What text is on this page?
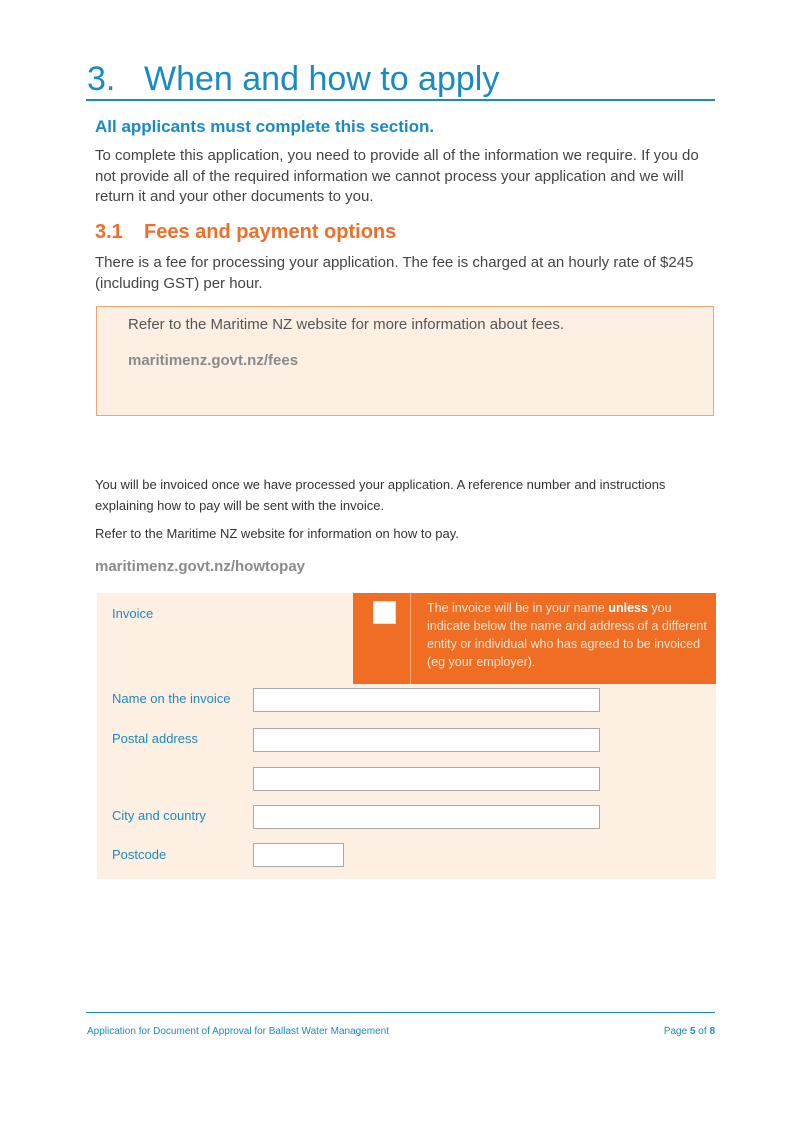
3. When and how to apply
All applicants must complete this section.

To complete this application, you need to provide all of the information we require. If you do not provide all of the required information we cannot process your application and we will return it and your other documents to you.

3.1 Fees and payment options

There is a fee for processing your application. The fee is charged at an hourly rate of $245 (including GST) per hour.

Refer to the Maritime NZ website for more information about fees.

maritimenz.govt.nz/fees

You will be invoiced once we have processed your application. A reference number and instructions explaining how to pay will be sent with the invoice.

Refer to the Maritime NZ website for information on how to pay.

maritimenz.govt.nz/howtopay

The invoice will be in your name unless you indicate below the name and address of a different entity or individual who has agreed to be invoiced (eg your employer).

Invoice
Name on the invoice
Postal address
City and country
Postcode
Application for Document of Approval for Ballast Water Management	Page 5 of 8
